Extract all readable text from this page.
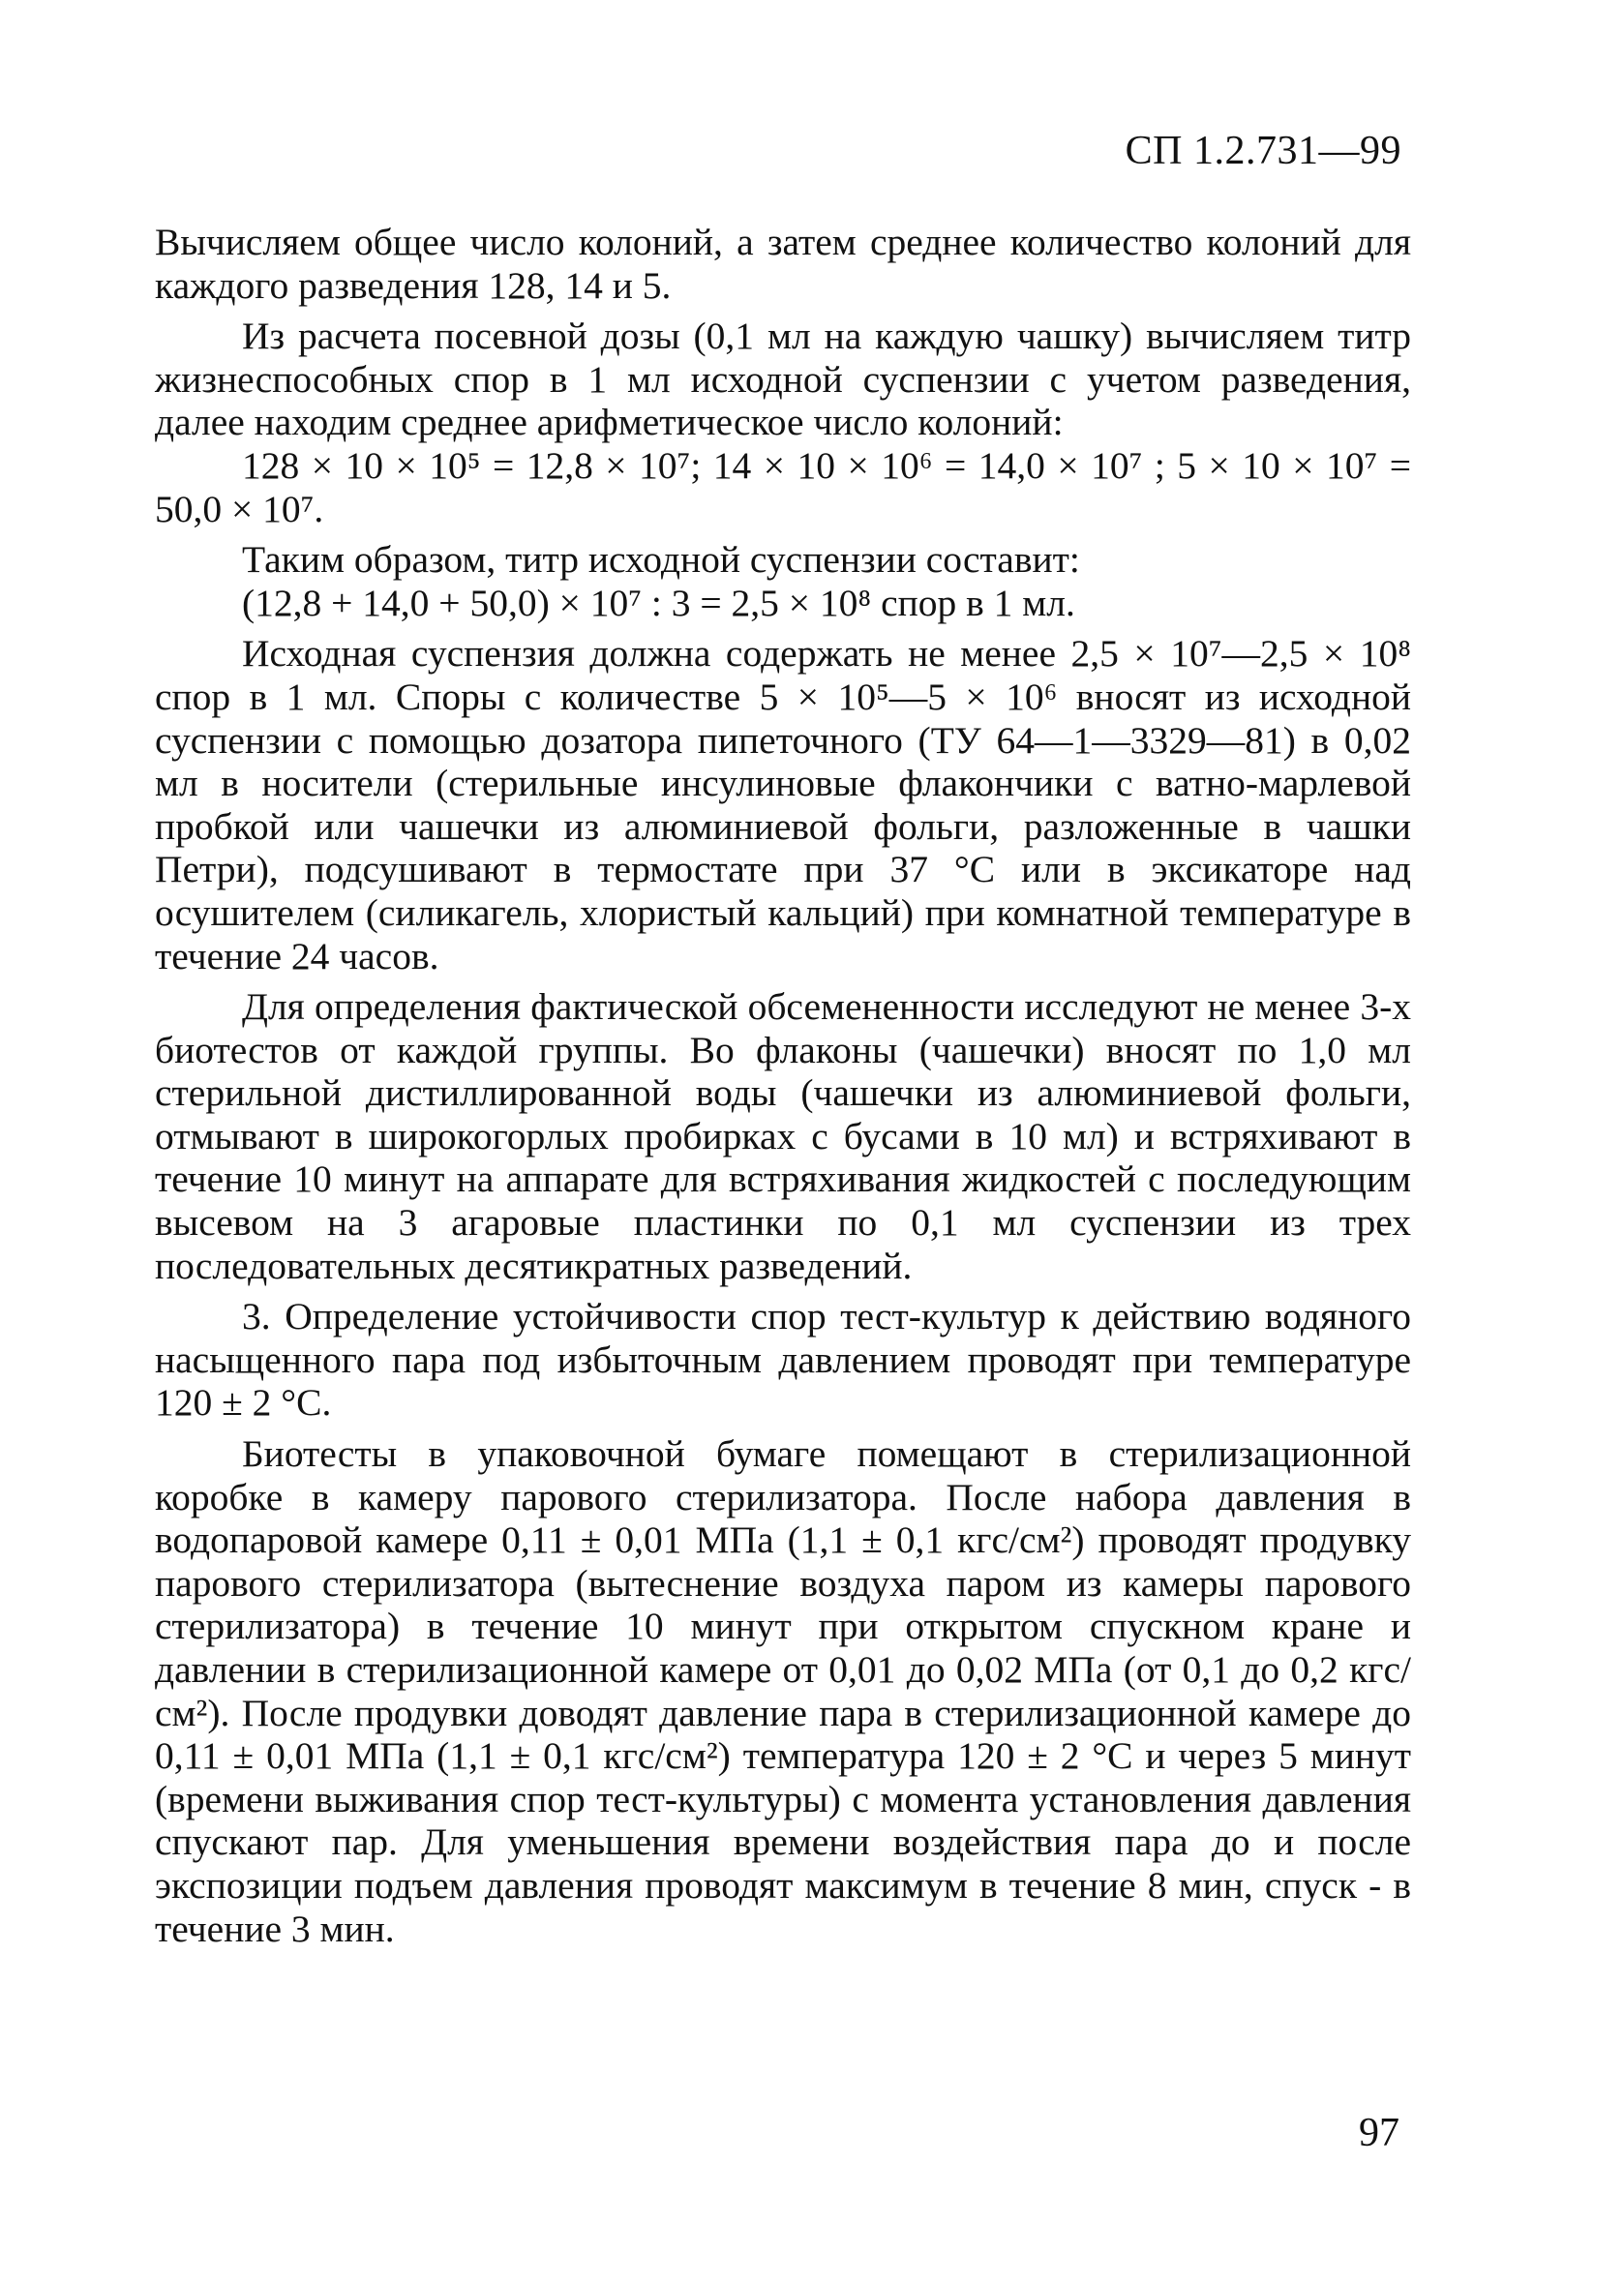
СП 1.2.731—99

Вычисляем общее число колоний, а затем среднее количество колоний для каждого разведения 128, 14 и 5.

Из расчета посевной дозы (0,1 мл на каждую чашку) вычисляем титр жизнеспособных спор в 1 мл исходной суспензии с учетом разведения, далее находим среднее арифметическое число колоний:

128 × 10 × 10⁵ = 12,8 × 10⁷; 14 × 10 × 10⁶ = 14,0 × 10⁷ ; 5 × 10 × 10⁷ = 50,0 × 10⁷.

Таким образом, титр исходной суспензии составит:

(12,8 + 14,0 + 50,0) × 10⁷ : 3 = 2,5 × 10⁸ спор в 1 мл.

Исходная суспензия должна содержать не менее 2,5 × 10⁷—2,5 × 10⁸ спор в 1 мл. Споры с количестве 5 × 10⁵—5 × 10⁶ вносят из исходной суспензии с помощью дозатора пипеточного (ТУ 64—1—3329—81) в 0,02 мл в носители (стерильные инсулиновые флакончики с ватно-марлевой пробкой или чашечки из алюминиевой фольги, разложенные в чашки Петри), подсушивают в термостате при 37 °С или в эксикаторе над осушителем (силикагель, хлористый кальций) при комнатной температуре в течение 24 часов.

Для определения фактической обсемененности исследуют не менее 3-х биотестов от каждой группы. Во флаконы (чашечки) вносят по 1,0 мл стерильной дистиллированной воды (чашечки из алюминиевой фольги, отмывают в широкогорлых пробирках с бусами в 10 мл) и встряхивают в течение 10 минут на аппарате для встряхивания жидкостей с последующим высевом на 3 агаровые пластинки по 0,1 мл суспензии из трех последовательных десятикратных разведений.

3. Определение устойчивости спор тест-культур к действию водяного насыщенного пара под избыточным давлением проводят при температуре 120 ± 2 °С.

Биотесты в упаковочной бумаге помещают в стерилизационной коробке в камеру парового стерилизатора. После набора давления в водопаровой камере 0,11 ± 0,01 МПа (1,1 ± 0,1 кгс/см²) проводят продувку парового стерилизатора (вытеснение воздуха паром из камеры парового стерилизатора) в течение 10 минут при открытом спускном кране и давлении в стерилизационной камере от 0,01 до 0,02 МПа (от 0,1 до 0,2 кгс/см²). После продувки доводят давление пара в стерилизационной камере до 0,11 ± 0,01 МПа (1,1 ± 0,1 кгс/см²) температура 120 ± 2 °С и через 5 минут (времени выживания спор тест-культуры) с момента установления давления спускают пар. Для уменьшения времени воздействия пара до и после экспозиции подъем давления проводят максимум в течение 8 мин, спуск - в течение 3 мин.

97
